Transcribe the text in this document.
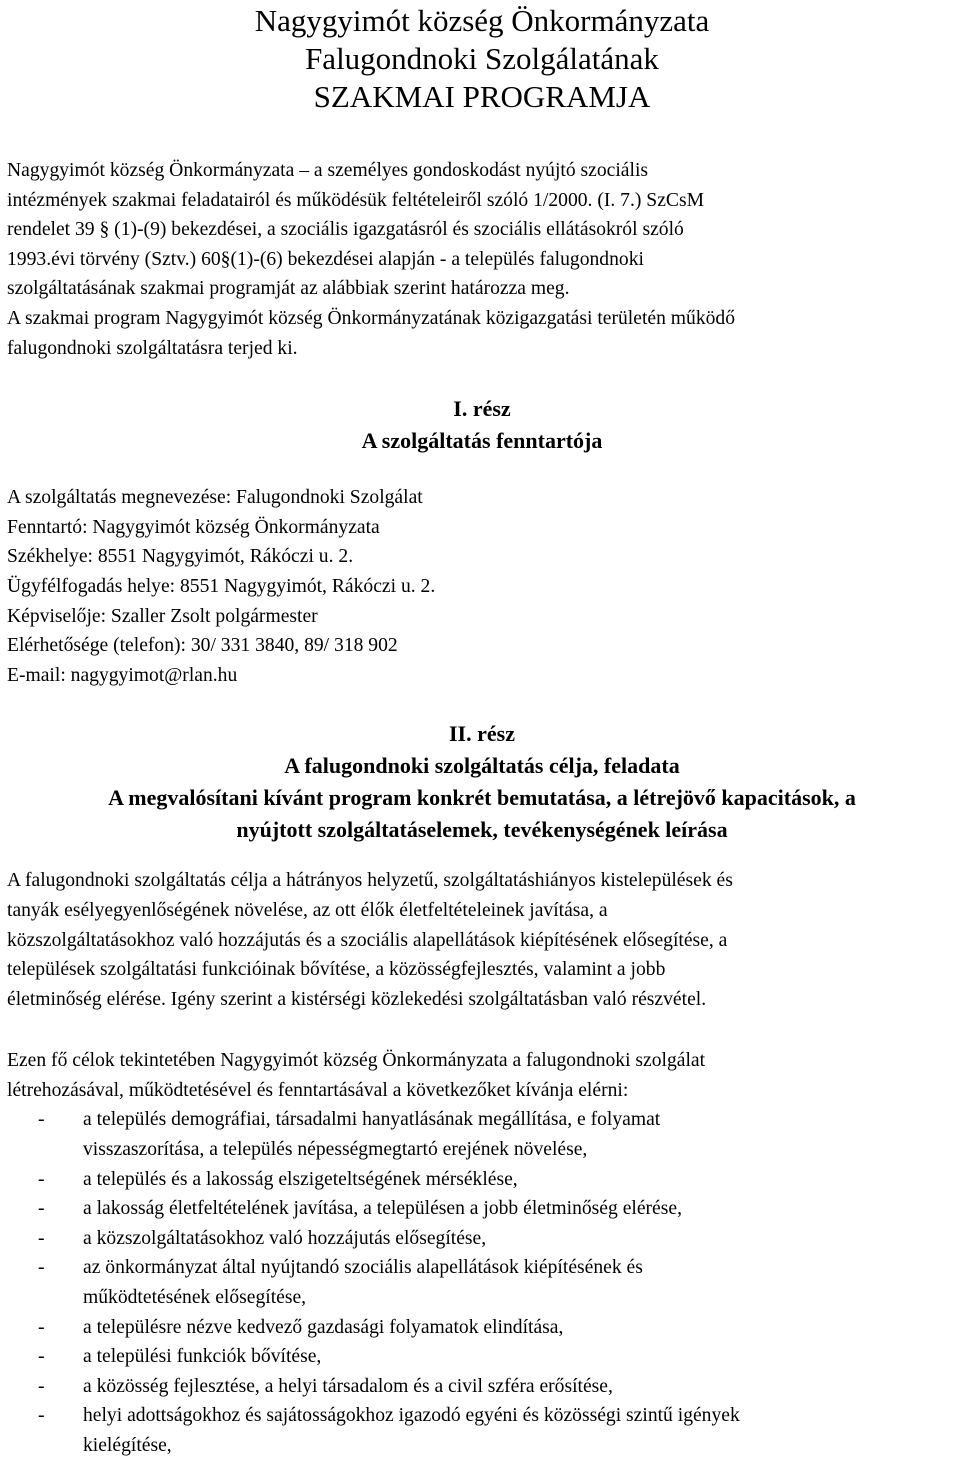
Nagygyimót község Önkormányzata

Falugondnoki Szolgálatának

SZAKMAI PROGRAMJA

Nagygyimót község Önkormányzata – a személyes gondoskodást nyújtó szociális
intézmények szakmai feladatairól és működésük feltételeiről szóló 1/2000. (I. 7.) SzCsM
rendelet 39 § (1)-(9) bekezdései, a szociális igazgatásról és szociális ellátásokról szóló
1993.évi törvény (Sztv.) 60§(1)-(6) bekezdései alapján - a település falugondnoki
szolgáltatásának szakmai programját az alábbiak szerint határozza meg.
A szakmai program Nagygyimót község Önkormányzatának közigazgatási területén működő
falugondnoki szolgáltatásra terjed ki.
I. rész
A szolgáltatás fenntartója
A szolgáltatás megnevezése: Falugondnoki Szolgálat
Fenntartó: Nagygyimót község Önkormányzata
Székhelye: 8551 Nagygyimót, Rákóczi u. 2.
Ügyfélfogadás helye: 8551 Nagygyimót, Rákóczi u. 2.
Képviselője: Szaller Zsolt polgármester
Elérhetősége (telefon): 30/ 331 3840, 89/ 318 902
E-mail: nagygyimot@rlan.hu
II. rész
A falugondnoki szolgáltatás célja, feladata
A megvalósítani kívánt program konkrét bemutatása, a létrejövő kapacitások, a
nyújtott szolgáltatáselemek, tevékenységének leírása
A falugondnoki szolgáltatás célja a hátrányos helyzetű, szolgáltatáshiányos kistelepülések és
tanyák esélyegyenlőségének növelése, az ott élők életfeltételeinek javítása, a
közszolgáltatásokhoz való hozzájutás és a szociális alapellátások kiépítésének elősegítése, a
települések szolgáltatási funkcióinak bővítése, a közösségfejlesztés, valamint a jobb
életminőség elérése. Igény szerint a kistérségi közlekedési szolgáltatásban való részvétel.
Ezen fő célok tekintetében Nagygyimót község Önkormányzata a falugondnoki szolgálat
létrehozásával, működtetésével és fenntartásával a következőket kívánja elérni:
- a település demográfiai, társadalmi hanyatlásának megállítása, e folyamat
visszaszorítása, a település népességmegtartó erejének növelése,
- a település és a lakosság elszigeteltségének mérséklése,
- a lakosság életfeltételének javítása, a településen a jobb életminőség elérése,
- a közszolgáltatásokhoz való hozzájutás elősegítése,
- az önkormányzat által nyújtandó szociális alapellátások kiépítésének és
működtetésének elősegítése,
- a településre nézve kedvező gazdasági folyamatok elindítása,
- a települési funkciók bővítése,
- a közösség fejlesztése, a helyi társadalom és a civil szféra erősítése,
- helyi adottságokhoz és sajátosságokhoz igazodó egyéni és közösségi szintű igények
kielégítése,
